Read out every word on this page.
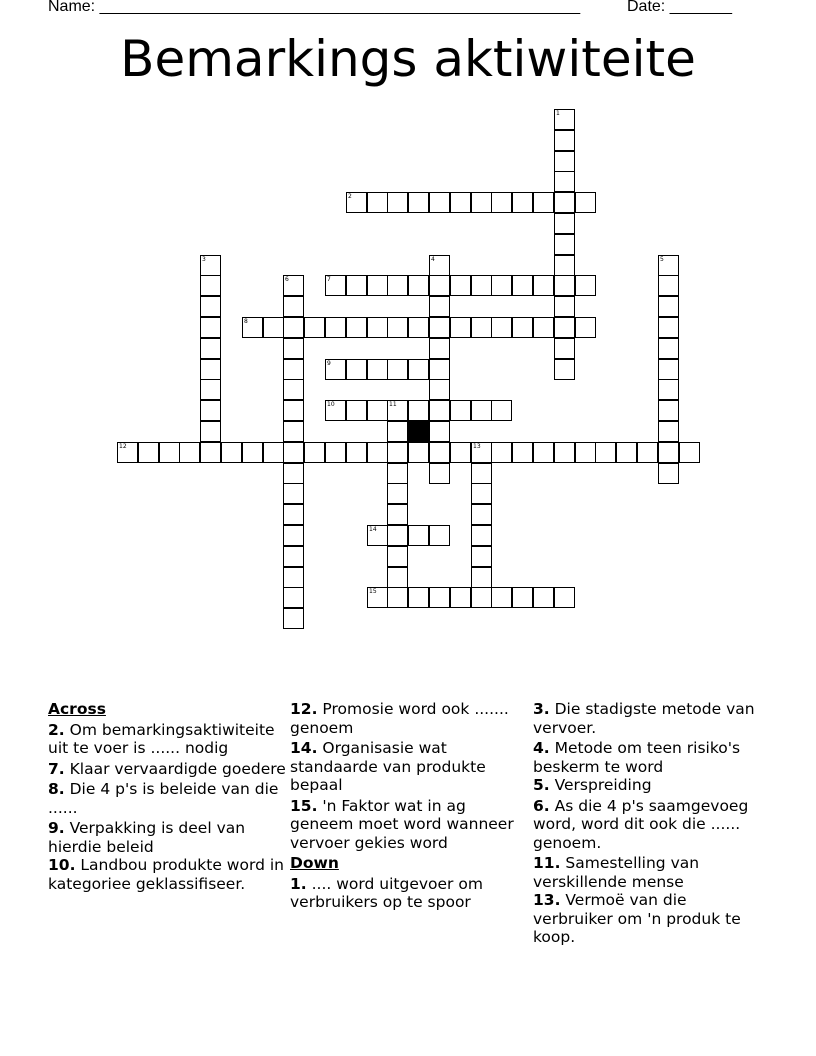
Name: ______________________________________________________	Date: _______
Bemarkings aktiwiteite
1
2
3	4	5
6	7
8
9
10	11
12	13
14
15
Across
2. Om bemarkingsaktiwiteite uit te voer is ...... nodig
7. Klaar vervaardigde goedere
8. Die 4 p's is beleide van die ......
9. Verpakking is deel van hierdie beleid
10. Landbou produkte word in kategoriee geklassifiseer.
12. Promosie word ook ....... genoem
14. Organisasie wat standaarde van produkte bepaal
15. 'n Faktor wat in ag geneem moet word wanneer vervoer gekies word
Down
1. .... word uitgevoer om verbruikers op te spoor
3. Die stadigste metode van vervoer.
4. Metode om teen risiko's beskerm te word
5. Verspreiding
6. As die 4 p's saamgevoeg word, word dit ook die ...... genoem.
11. Samestelling van verskillende mense
13. Vermoë van die verbruiker om 'n produk te koop.
